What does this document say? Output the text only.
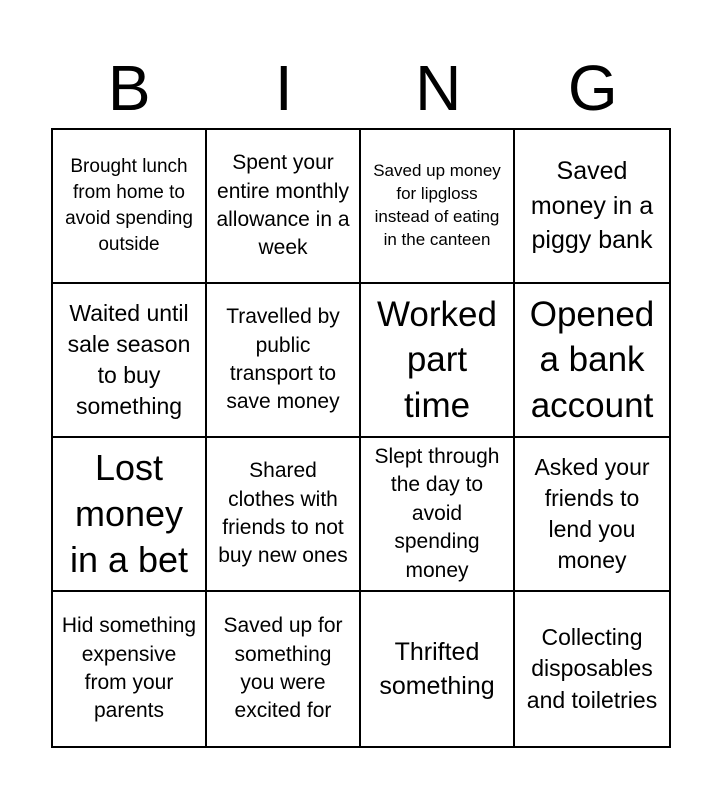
B	I	N	G
Brought lunch from home to avoid spending outside
Spent your entire monthly allowance in a week
Saved up money for lipgloss instead of eating in the canteen
Saved money in a piggy bank
Waited until sale season to buy something
Travelled by public transport to save money
Worked part time
Opened a bank account
Lost money in a bet
Shared clothes with friends to not buy new ones
Slept through the day to avoid spending money
Asked your friends to lend you money
Hid something expensive from your parents
Saved up for something you were excited for
Thrifted something
Collecting disposables and toiletries
